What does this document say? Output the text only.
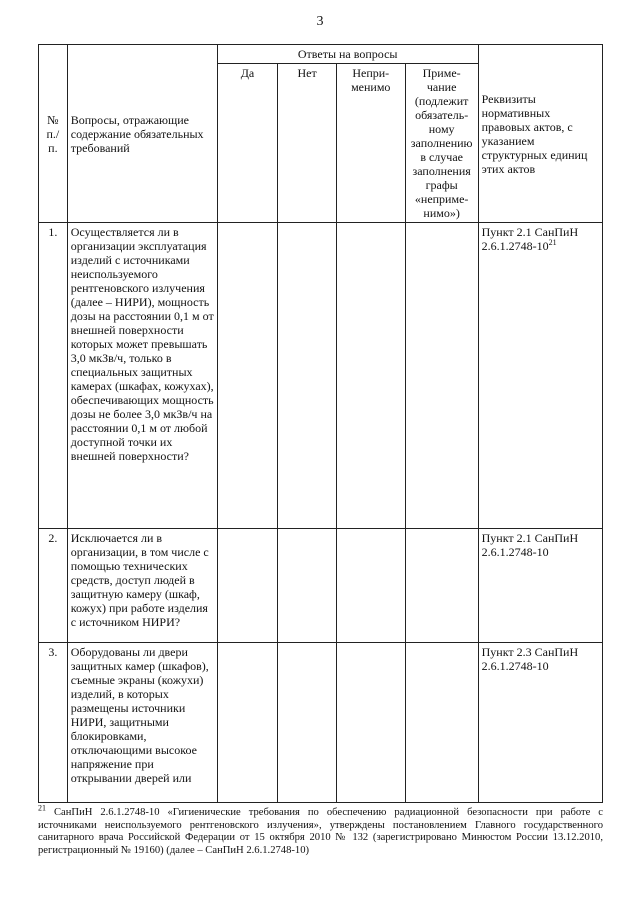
3
№ п./п.	Вопросы, отражающие содержание обязательных требований	Ответы на вопросы				Реквизиты нормативных правовых актов, с указанием структурных единиц этих актов
		Да	Нет	Непри-менимо	Приме-чание (подлежит обязатель-ному заполнению в случае заполнения графы «неприме-нимо»)	
1.	Осуществляется ли в организации эксплуатация изделий с источниками неиспользуемого рентгеновского излучения (далее – НИРИ), мощность дозы на расстоянии 0,1 м от внешней поверхности которых может превышать 3,0 мкЗв/ч, только в специальных защитных камерах (шкафах, кожухах), обеспечивающих мощность дозы не более 3,0 мкЗв/ч на расстоянии 0,1 м от любой доступной точки их внешней поверхности?					Пункт 2.1 СанПиН $2.6.1.2748-10^{21}$
2.	Исключается ли в организации, в том числе с помощью технических средств, доступ людей в защитную камеру (шкаф, кожух) при работе изделия с источником НИРИ?					Пункт 2.1 СанПиН 2.6.1.2748-10
3.	Оборудованы ли двери защитных камер (шкафов), съемные экраны (кожухи) изделий, в которых размещены источники НИРИ, защитными блокировками, отключающими высокое напряжение при открывании дверей или					Пункт 2.3 СанПиН 2.6.1.2748-10
$^{21}$ СанПиН 2.6.1.2748-10 «Гигиенические требования по обеспечению радиационной безопасности при работе с источниками неиспользуемого рентгеновского излучения», утверждены постановлением Главного государственного санитарного врача Российской Федерации от 15 октября 2010 № 132 (зарегистрировано Минюстом России 13.12.2010, регистрационный № 19160) (далее – СанПиН 2.6.1.2748-10)
